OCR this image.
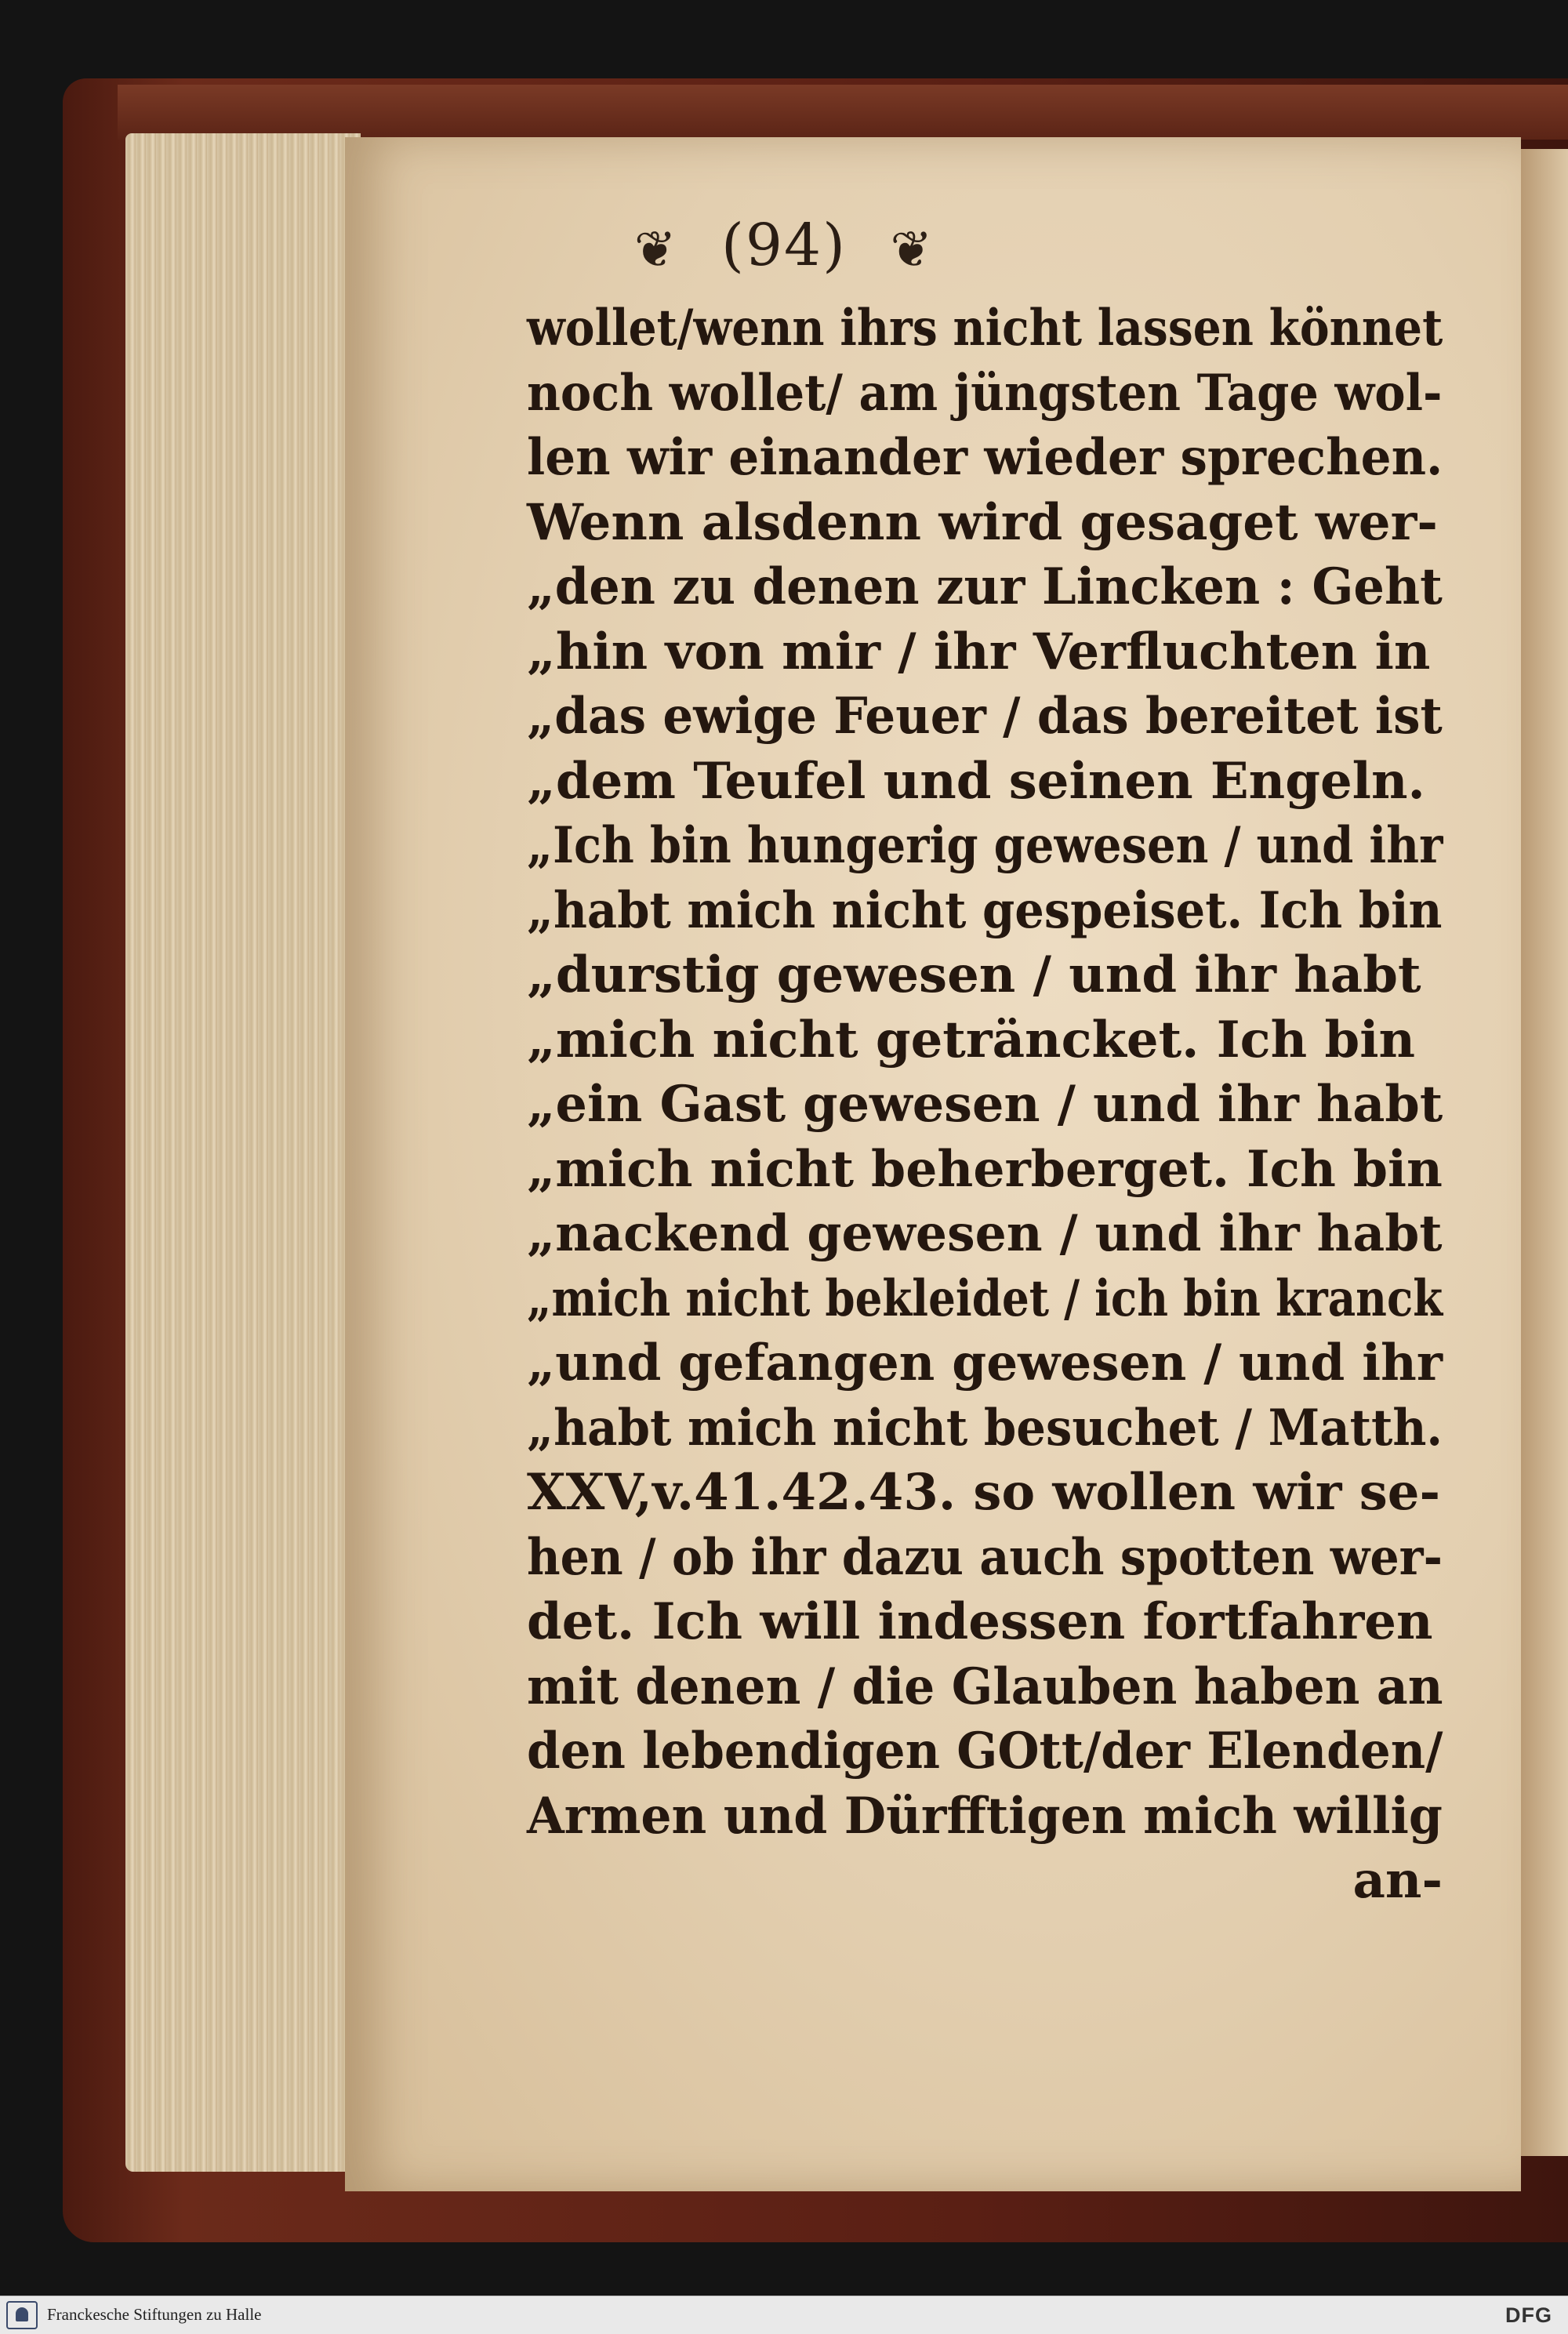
❦ (94) ❦
wollet/wenn ihrs nicht lassen könnet
noch wollet/ am jüngsten Tage wol-
len wir einander wieder sprechen.
Wenn alsdenn wird gesaget wer-
„den zu denen zur Lincken : Geht
„hin von mir / ihr Verfluchten in
„das ewige Feuer / das bereitet ist
„dem Teufel und seinen Engeln.
„Ich bin hungerig gewesen / und ihr
„habt mich nicht gespeiset. Ich bin
„durstig gewesen / und ihr habt
„mich nicht geträncket. Ich bin
„ein Gast gewesen / und ihr habt
„mich nicht beherberget. Ich bin
„nackend gewesen / und ihr habt
„mich nicht bekleidet / ich bin kranck
„und gefangen gewesen / und ihr
„habt mich nicht besuchet / Matth.
XXV,v.41.42.43. so wollen wir se-
hen / ob ihr dazu auch spotten wer-
det. Ich will indessen fortfahren
mit denen / die Glauben haben an
den lebendigen GOtt/der Elenden/
Armen und Dürfftigen mich willig
an-
Franckesche Stiftungen zu Halle	DFG
